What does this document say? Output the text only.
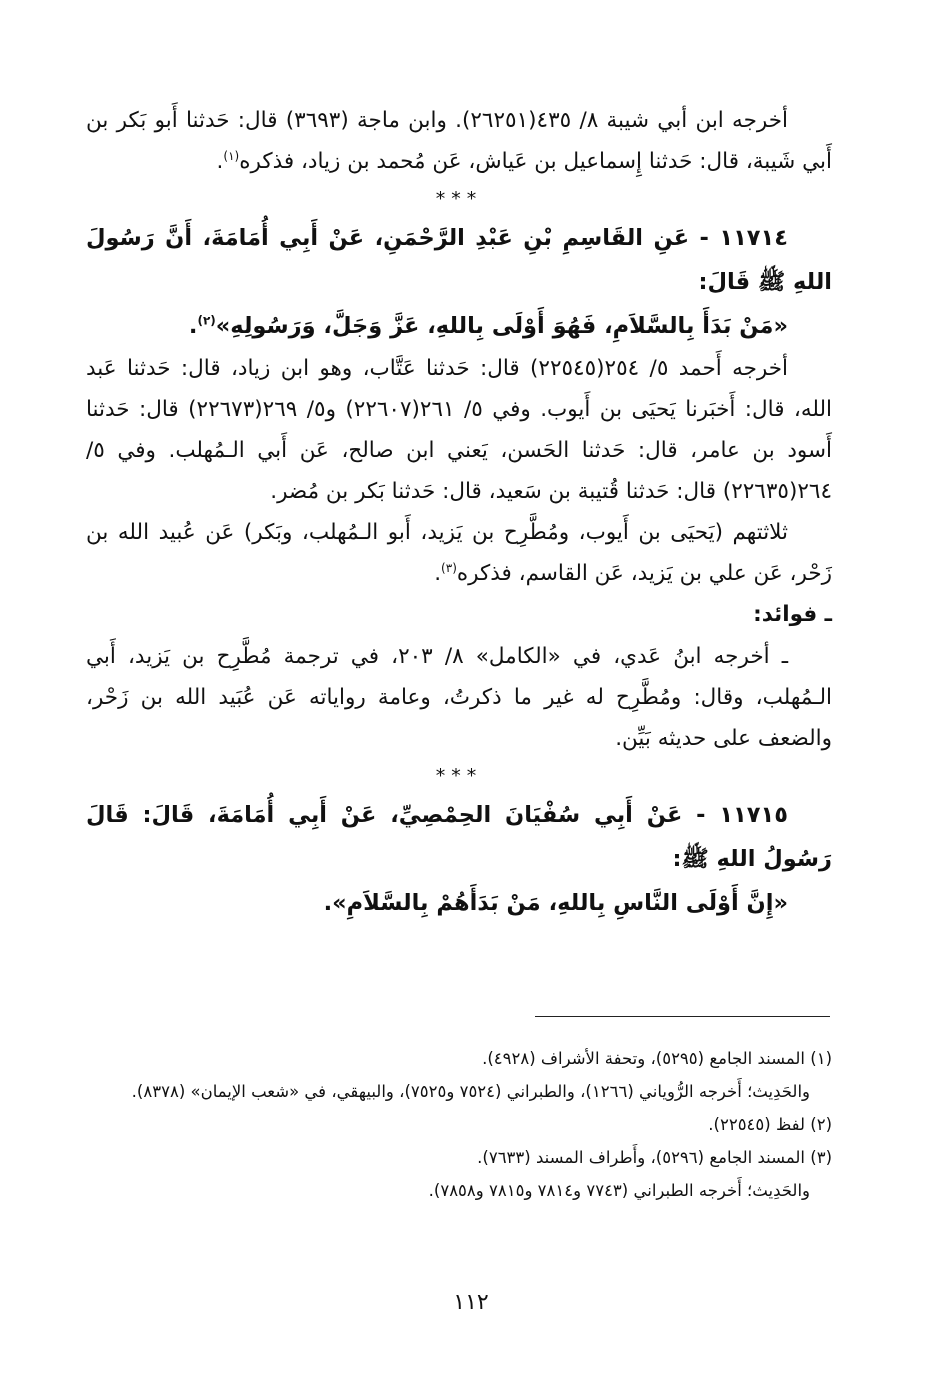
أخرجه ابن أبي شيبة ٨/ ٤٣٥(٢٦٢٥١). وابن ماجة (٣٦٩٣) قال: حَدثنا أَبو بَكر بن أَبي شَيبة، قال: حَدثنا إِسماعيل بن عَياش، عَن مُحمد بن زياد، فذكره$^{(١)}$.

***

١١٧١٤ - عَنِ القَاسِمِ بْنِ عَبْدِ الرَّحْمَنِ، عَنْ أَبِي أُمَامَةَ، أَنَّ رَسُولَ اللهِ ﷺ قَالَ:

«مَنْ بَدَأَ بِالسَّلاَمِ، فَهُوَ أَوْلَى بِاللهِ، عَزَّ وَجَلَّ، وَرَسُولِهِ»$^{(٢)}$.

أخرجه أَحمد ٥/ ٢٥٤(٢٢٥٤٥) قال: حَدثنا عَتَّاب، وهو ابن زياد، قال: حَدثنا عَبد الله، قال: أَخبَرنا يَحيَى بن أَيوب. وفي ٥/ ٢٦١(٢٢٦٠٧) و٥/ ٢٦٩(٢٢٦٧٣) قال: حَدثنا أَسود بن عامر، قال: حَدثنا الحَسن، يَعني ابن صالح، عَن أَبي الـمُهلب. وفي ٥/ ٢٦٤(٢٢٦٣٥) قال: حَدثنا قُتيبة بن سَعيد، قال: حَدثنا بَكر بن مُضر.

ثلاثتهم (يَحيَى بن أَيوب، ومُطَّرِح بن يَزيد، أَبو الـمُهلب، وبَكر) عَن عُبيد الله بن زَحْر، عَن علي بن يَزيد، عَن القاسم، فذكره$^{(٣)}$.

ـ فوائد:

ـ أخرجه ابنُ عَدي، في «الكامل» ٨/ ٢٠٣، في ترجمة مُطَّرِح بن يَزيد، أَبي الـمُهلب، وقال: ومُطَّرِح له غير ما ذكرتُ، وعامة رواياته عَن عُبَيد الله بن زَحْر، والضعف على حديثه بَيِّن.

***

١١٧١٥ - عَنْ أَبِي سُفْيَانَ الحِمْصِيِّ، عَنْ أَبِي أُمَامَةَ، قَالَ: قَالَ رَسُولُ اللهِ ﷺ:

«إِنَّ أَوْلَى النَّاسِ بِاللهِ، مَنْ بَدَأَهُمْ بِالسَّلاَمِ».

(١) المسند الجامع (٥٢٩٥)، وتحفة الأشراف (٤٩٢٨).

والحَدِيث؛ أَخرجه الرُّوياني (١٢٦٦)، والطبراني (٧٥٢٤ و٧٥٢٥)، والبيهقي، في «شعب الإيمان» (٨٣٧٨).

(٢) لفظ (٢٢٥٤٥).

(٣) المسند الجامع (٥٢٩٦)، وأَطراف المسند (٧٦٣٣).

والحَدِيث؛ أَخرجه الطبراني (٧٧٤٣ و٧٨١٤ و٧٨١٥ و٧٨٥٨).

١١٢
